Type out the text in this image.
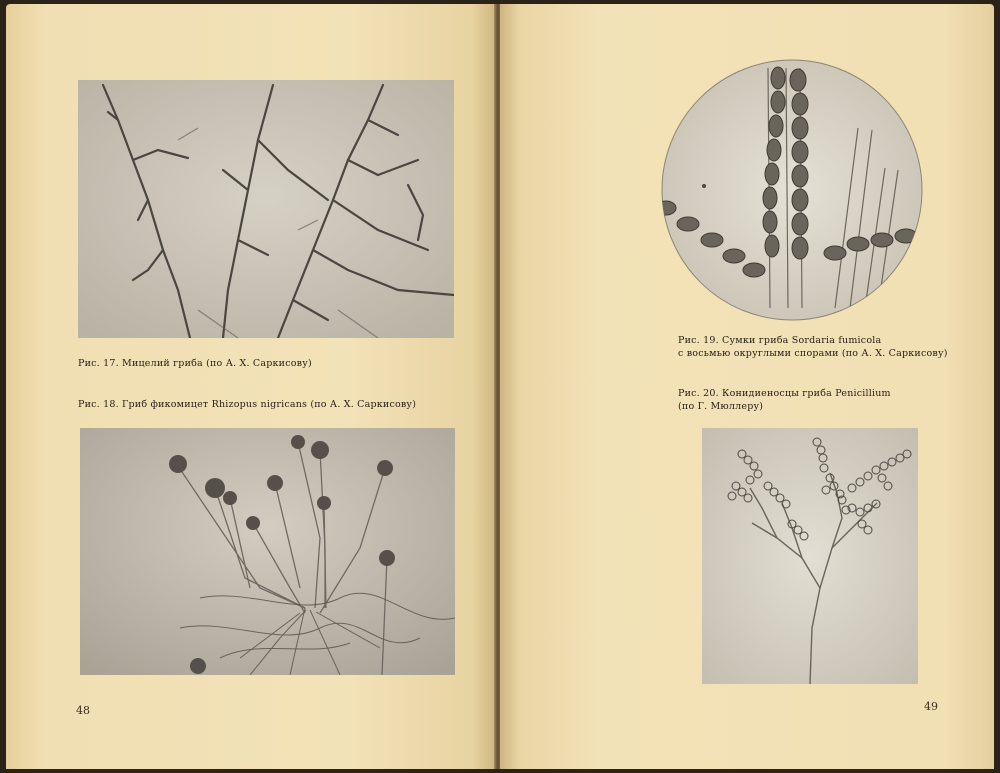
Рис. 17. Мицелий гриба (по А. Х. Саркисову)
Рис. 18. Гриб фикомицет Rhizopus nigricans (по А. Х. Саркисову)
48
Рис. 19. Сумки гриба Sordaria fumicola
с восьмью округлыми спорами (по А. Х. Саркисову)
Рис. 20. Конидиеносцы гриба Penicillium
(по Г. Мюллеру)
49
